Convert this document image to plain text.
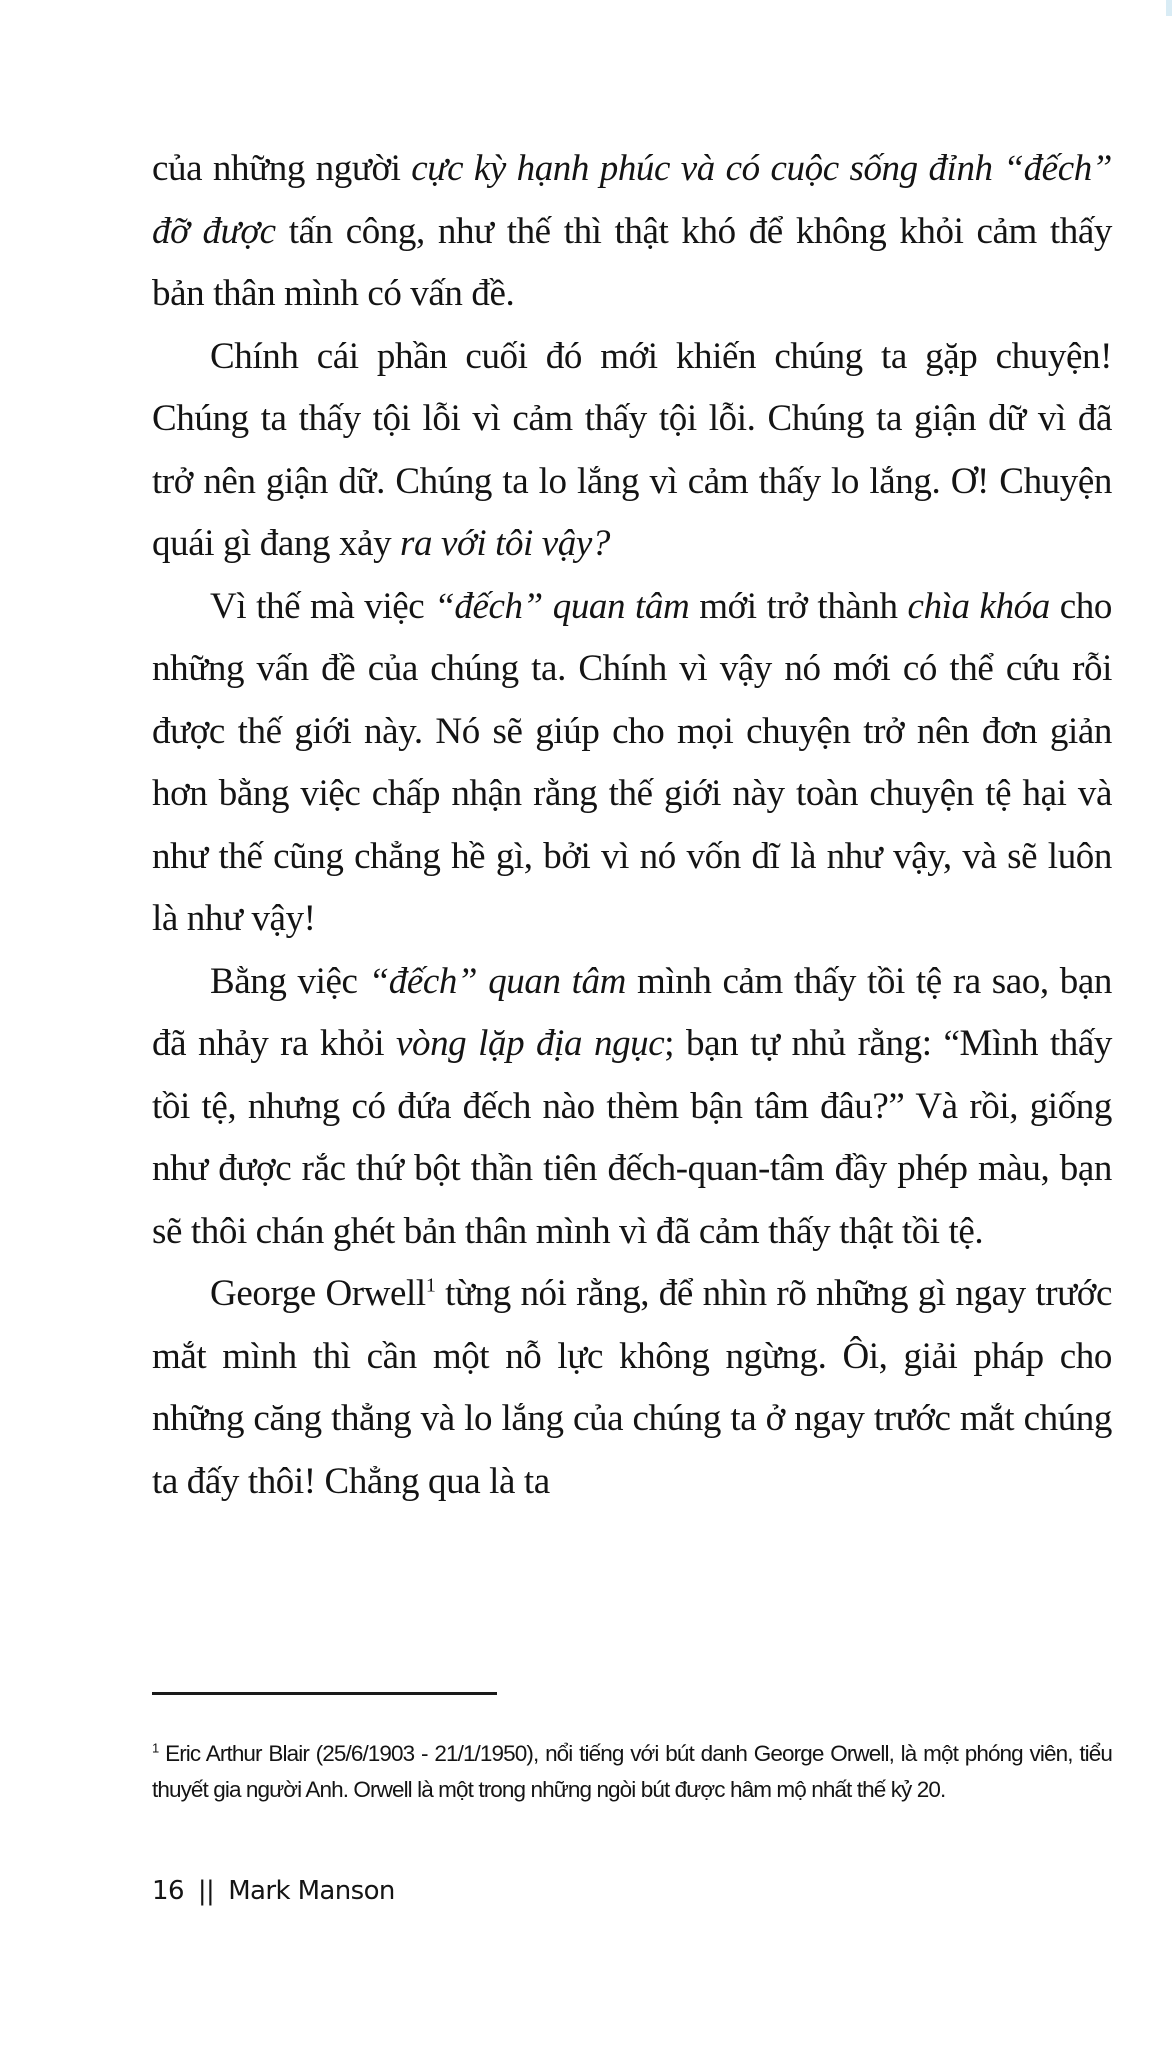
của những người cực kỳ hạnh phúc và có cuộc sống đỉnh “đếch” đỡ được tấn công, như thế thì thật khó để không khỏi cảm thấy bản thân mình có vấn đề.

Chính cái phần cuối đó mới khiến chúng ta gặp chuyện! Chúng ta thấy tội lỗi vì cảm thấy tội lỗi. Chúng ta giận dữ vì đã trở nên giận dữ. Chúng ta lo lắng vì cảm thấy lo lắng. Ơ! Chuyện quái gì đang xảy ra với tôi vậy?

Vì thế mà việc “đếch” quan tâm mới trở thành chìa khóa cho những vấn đề của chúng ta. Chính vì vậy nó mới có thể cứu rỗi được thế giới này. Nó sẽ giúp cho mọi chuyện trở nên đơn giản hơn bằng việc chấp nhận rằng thế giới này toàn chuyện tệ hại và như thế cũng chẳng hề gì, bởi vì nó vốn dĩ là như vậy, và sẽ luôn là như vậy!

Bằng việc “đếch” quan tâm mình cảm thấy tồi tệ ra sao, bạn đã nhảy ra khỏi vòng lặp địa ngục; bạn tự nhủ rằng: “Mình thấy tồi tệ, nhưng có đứa đếch nào thèm bận tâm đâu?” Và rồi, giống như được rắc thứ bột thần tiên đếch-quan-tâm đầy phép màu, bạn sẽ thôi chán ghét bản thân mình vì đã cảm thấy thật tồi tệ.

George Orwell$^1$ từng nói rằng, để nhìn rõ những gì ngay trước mắt mình thì cần một nỗ lực không ngừng. Ôi, giải pháp cho những căng thẳng và lo lắng của chúng ta ở ngay trước mắt chúng ta đấy thôi! Chẳng qua là ta

$^1$ Eric Arthur Blair (25/6/1903 - 21/1/1950), nổi tiếng với bút danh George Orwell, là một phóng viên, tiểu thuyết gia người Anh. Orwell là một trong những ngòi bút được hâm mộ nhất thế kỷ 20.
16 || Mark Manson
